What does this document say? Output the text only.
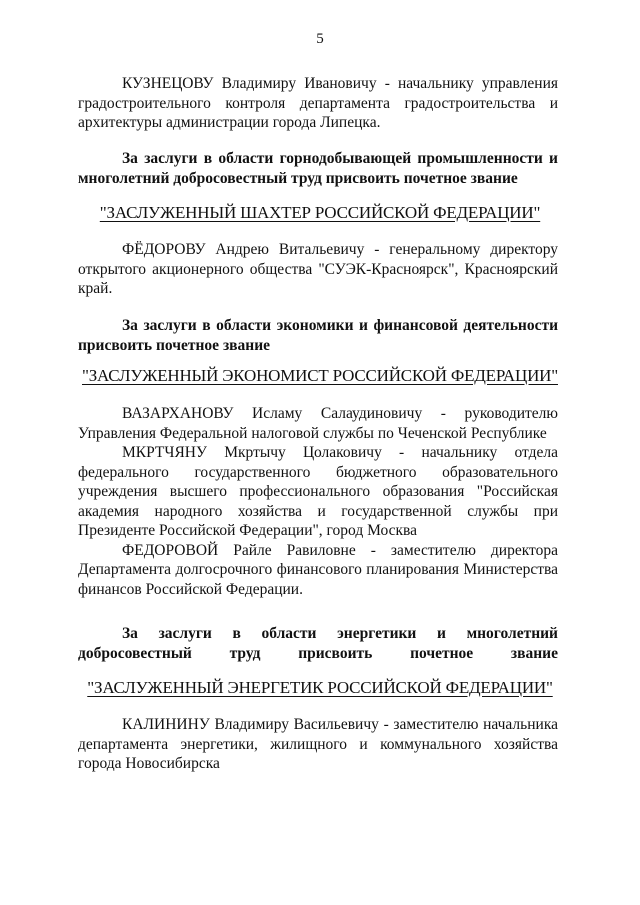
5

КУЗНЕЦОВУ Владимиру Ивановичу - начальнику управления градостроительного контроля департамента градостроительства и архитектуры администрации города Липецка.

За заслуги в области горнодобывающей промышленности и многолетний добросовестный труд присвоить почетное звание

"ЗАСЛУЖЕННЫЙ ШАХТЕР РОССИЙСКОЙ ФЕДЕРАЦИИ"

ФЁДОРОВУ Андрею Витальевичу - генеральному директору открытого акционерного общества "СУЭК-Красноярск", Красноярский край.

За заслуги в области экономики и финансовой деятельности присвоить почетное звание

"ЗАСЛУЖЕННЫЙ ЭКОНОМИСТ РОССИЙСКОЙ ФЕДЕРАЦИИ"

ВАЗАРХАНОВУ Исламу Салаудиновичу - руководителю Управления Федеральной налоговой службы по Чеченской Республике

МКРТЧЯНУ Мкртычу Цолаковичу - начальнику отдела федерального государственного бюджетного образовательного учреждения высшего профессионального образования "Российская академия народного хозяйства и государственной службы при Президенте Российской Федерации", город Москва

ФЕДОРОВОЙ Райле Равиловне - заместителю директора Департамента долгосрочного финансового планирования Министерства финансов Российской Федерации.

За заслуги в области энергетики и многолетний добросовестный труд присвоить почетное звание

"ЗАСЛУЖЕННЫЙ ЭНЕРГЕТИК РОССИЙСКОЙ ФЕДЕРАЦИИ"

КАЛИНИНУ Владимиру Васильевичу - заместителю начальника департамента энергетики, жилищного и коммунального хозяйства города Новосибирска
